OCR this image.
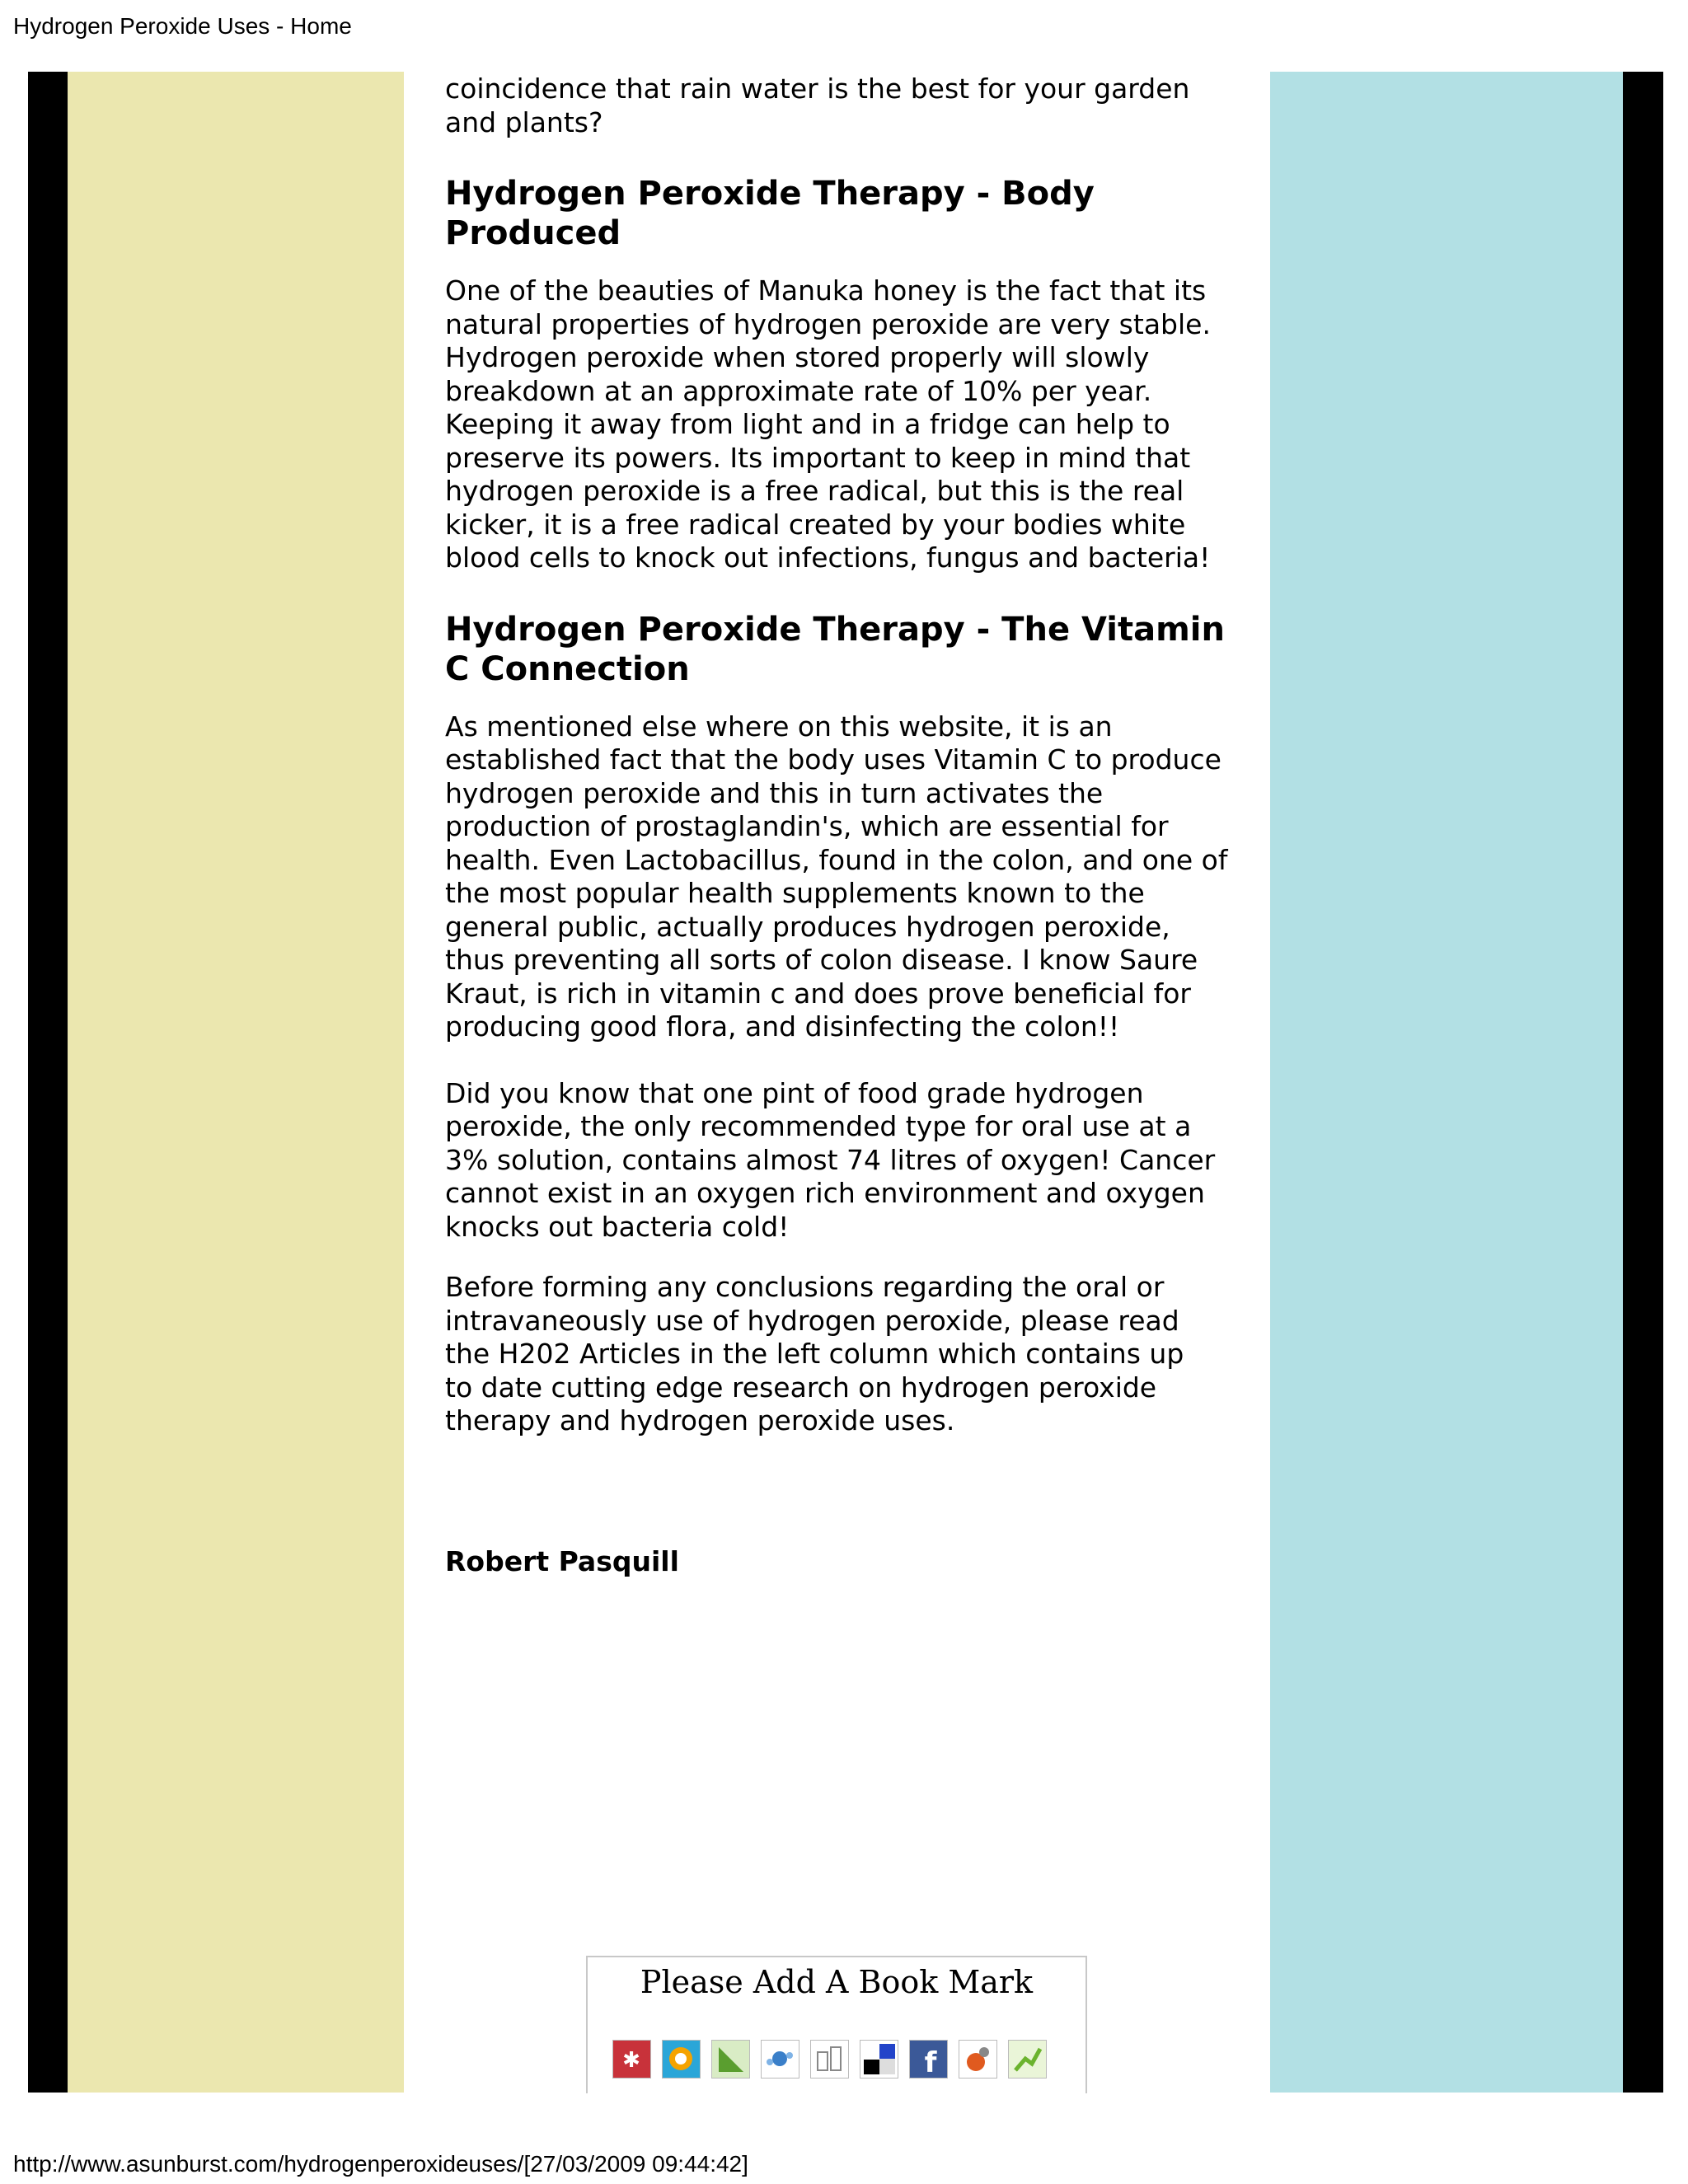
Hydrogen Peroxide Uses - Home

coincidence that rain water is the best for your garden and plants?

Hydrogen Peroxide Therapy - Body Produced

One of the beauties of Manuka honey is the fact that its natural properties of hydrogen peroxide are very stable. Hydrogen peroxide when stored properly will slowly breakdown at an approximate rate of 10% per year. Keeping it away from light and in a fridge can help to preserve its powers. Its important to keep in mind that hydrogen peroxide is a free radical, but this is the real kicker, it is a free radical created by your bodies white blood cells to knock out infections, fungus and bacteria!

Hydrogen Peroxide Therapy - The Vitamin C Connection

As mentioned else where on this website, it is an established fact that the body uses Vitamin C to produce hydrogen peroxide and this in turn activates the production of prostaglandin's, which are essential for health. Even Lactobacillus, found in the colon, and one of the most popular health supplements known to the general public, actually produces hydrogen peroxide, thus preventing all sorts of colon disease. I know Saure Kraut, is rich in vitamin c and does prove beneficial for producing good flora, and disinfecting the colon!!

Did you know that one pint of food grade hydrogen peroxide, the only recommended type for oral use at a 3% solution, contains almost 74 litres of oxygen! Cancer cannot exist in an oxygen rich environment and oxygen knocks out bacteria cold!

Before forming any conclusions regarding the oral or intravaneously use of hydrogen peroxide, please read the H202 Articles in the left column which contains up to date cutting edge research on hydrogen peroxide therapy and hydrogen peroxide uses.

Robert Pasquill

Please Add A Book Mark
✱	f
http://www.asunburst.com/hydrogenperoxideuses/[27/03/2009 09:44:42]
